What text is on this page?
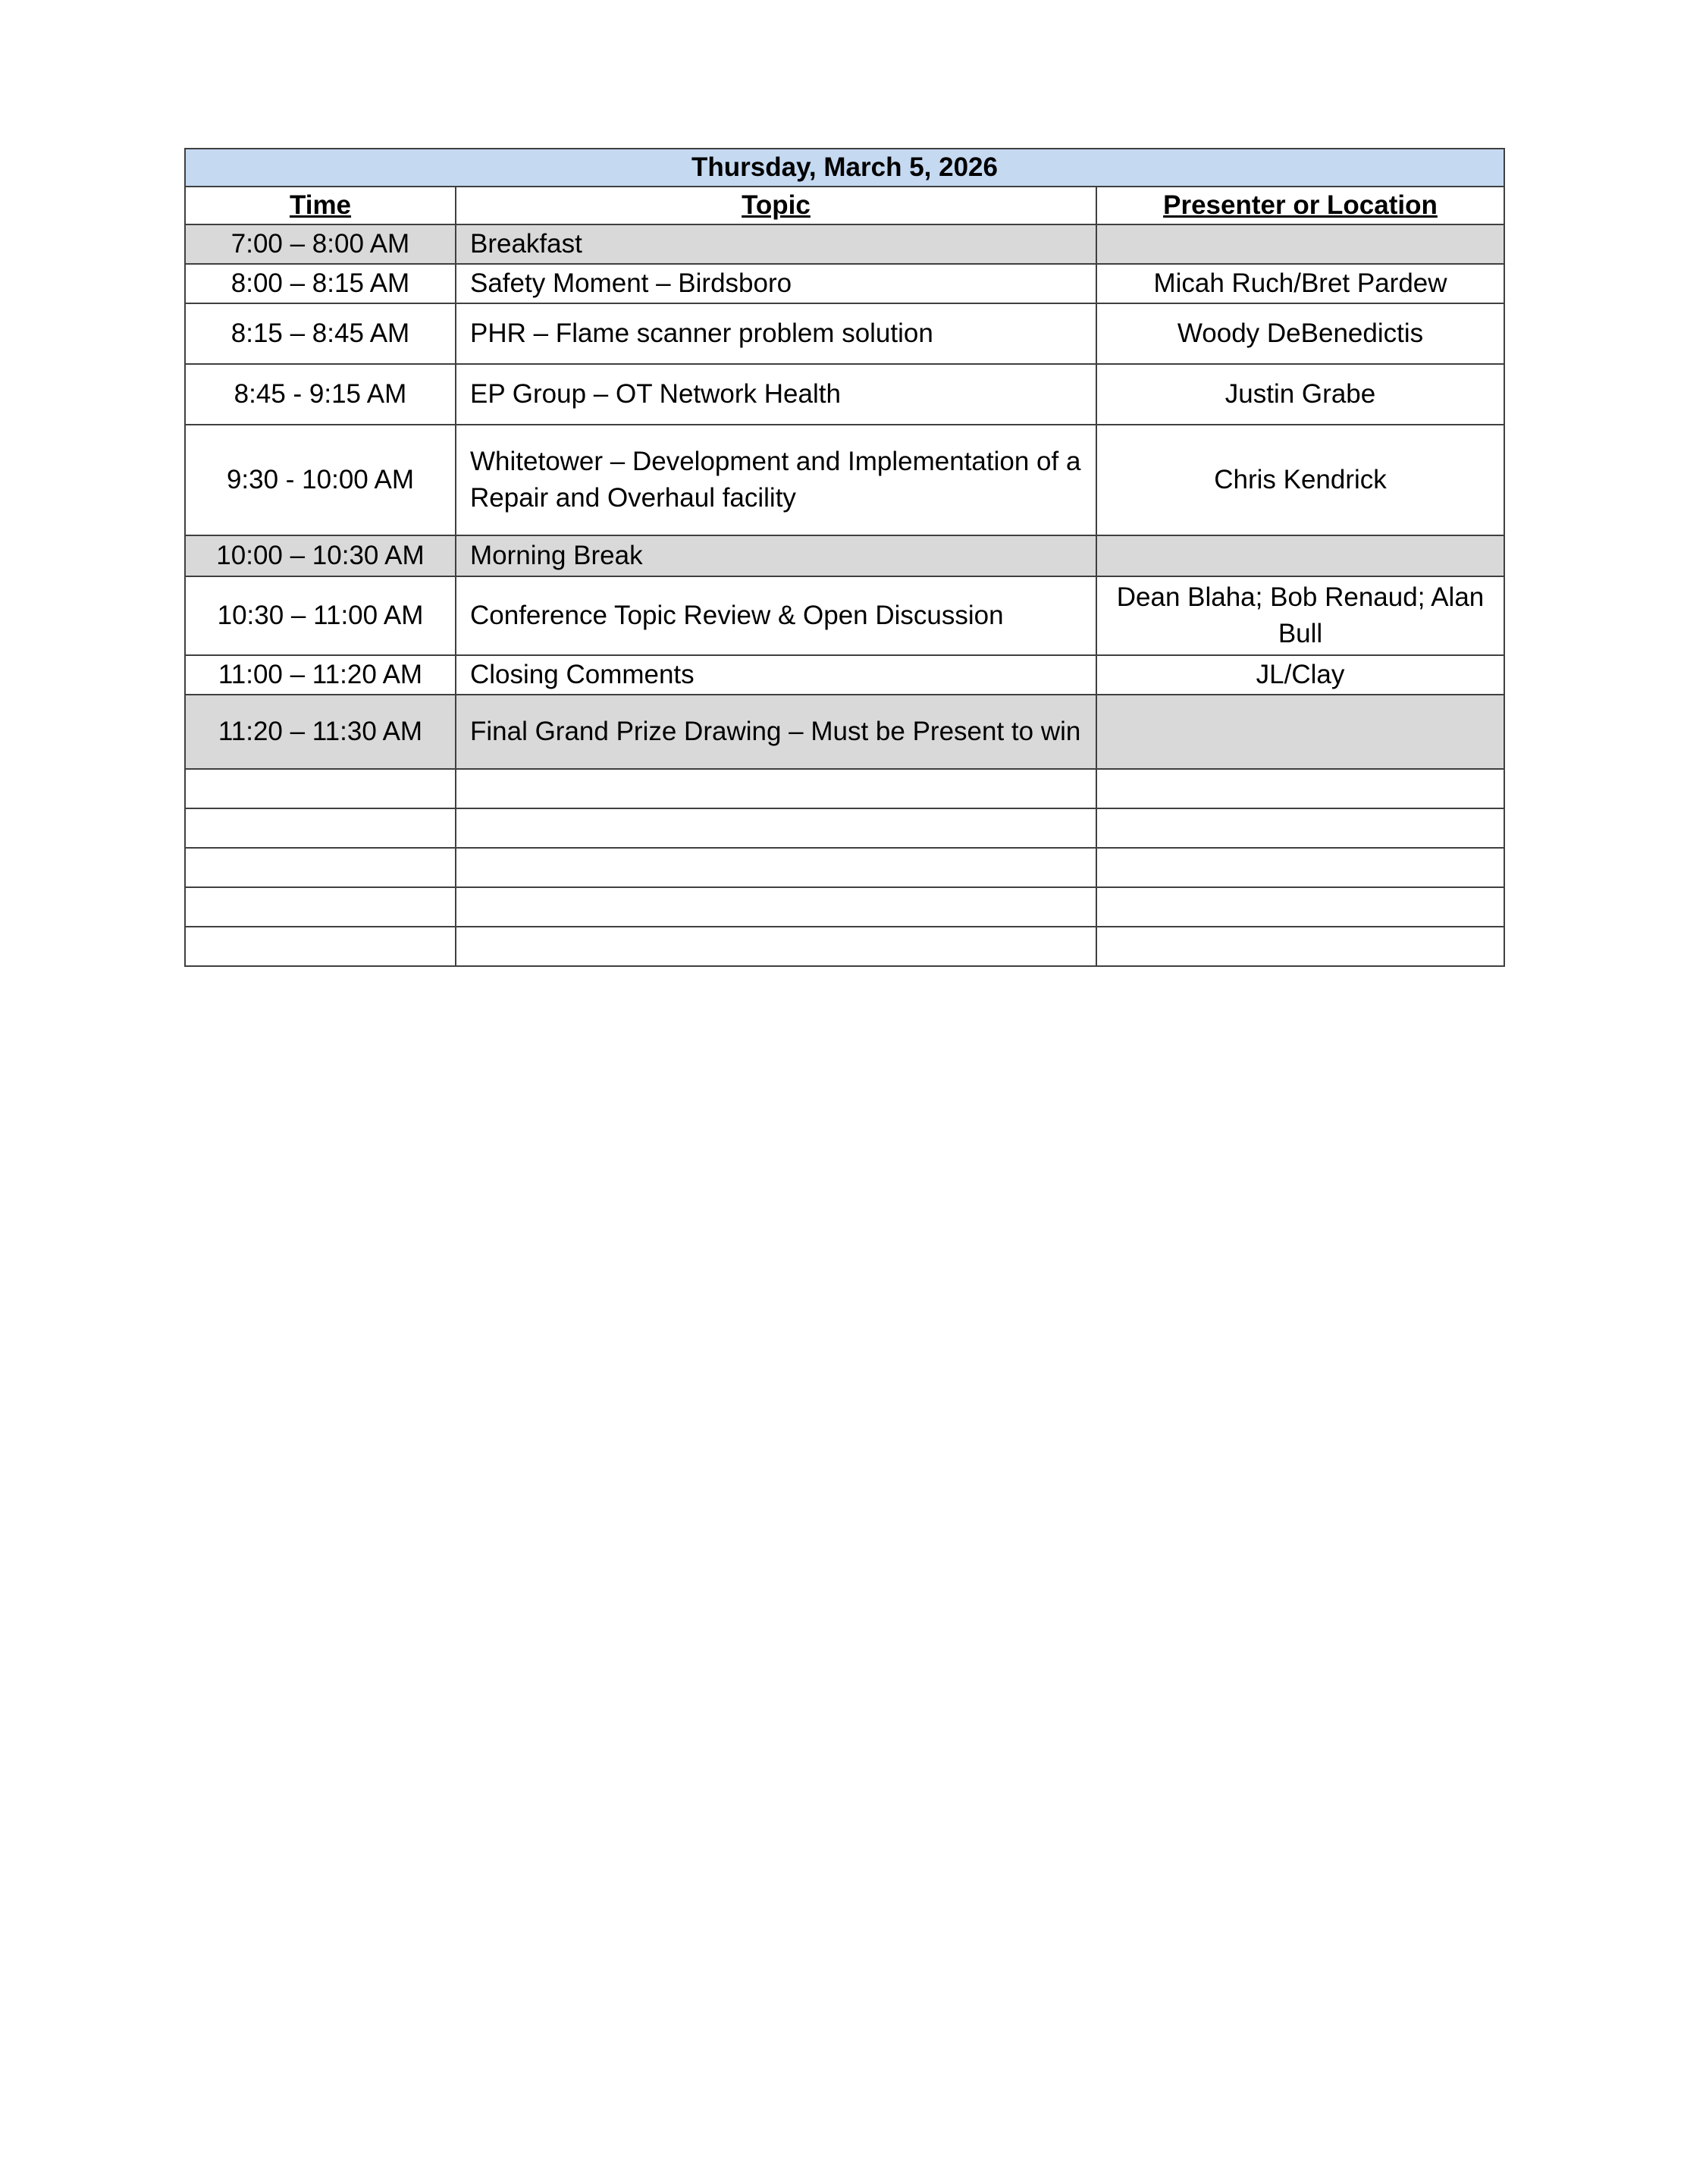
Thursday, March 5, 2026		
Time	Topic	Presenter or Location
7:00 – 8:00 AM	Breakfast	
8:00 – 8:15 AM	Safety Moment – Birdsboro	Micah Ruch/Bret Pardew
8:15 – 8:45 AM	PHR – Flame scanner problem solution	Woody DeBenedictis
8:45 - 9:15 AM	EP Group – OT Network Health	Justin Grabe
9:30 - 10:00 AM	Whitetower – Development and Implementation of a Repair and Overhaul facility	Chris Kendrick
10:00 – 10:30 AM	Morning Break	
10:30 – 11:00 AM	Conference Topic Review & Open Discussion	Dean Blaha; Bob Renaud; Alan Bull
11:00 – 11:20 AM	Closing Comments	JL/Clay
11:20 – 11:30 AM	Final Grand Prize Drawing – Must be Present to win	
